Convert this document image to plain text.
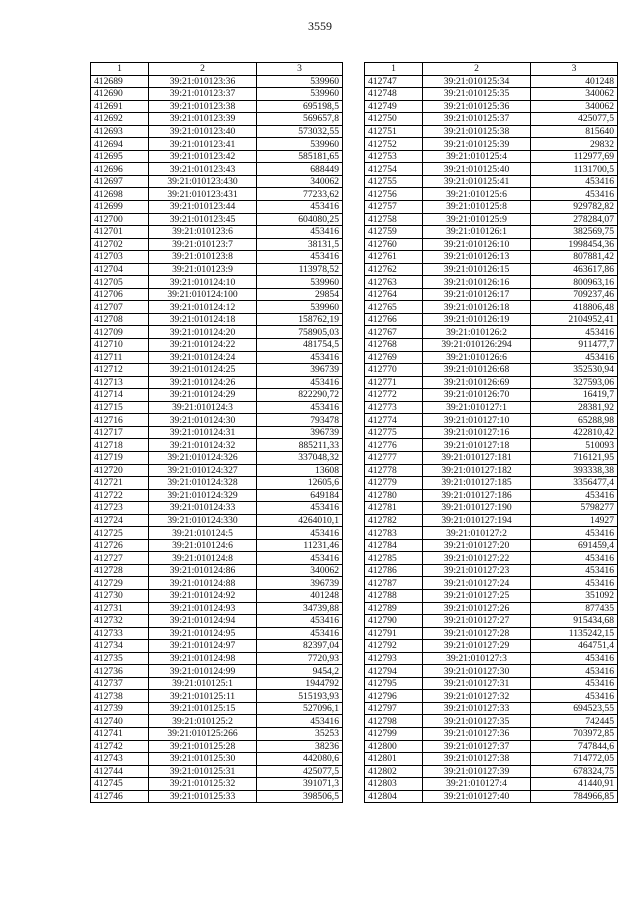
3559
1	2	3
412689	39:21:010123:36	539960
412690	39:21:010123:37	539960
412691	39:21:010123:38	695198,5
412692	39:21:010123:39	569657,8
412693	39:21:010123:40	573032,55
412694	39:21:010123:41	539960
412695	39:21:010123:42	585181,65
412696	39:21:010123:43	688449
412697	39:21:010123:430	340062
412698	39:21:010123:431	77233,62
412699	39:21:010123:44	453416
412700	39:21:010123:45	604080,25
412701	39:21:010123:6	453416
412702	39:21:010123:7	38131,5
412703	39:21:010123:8	453416
412704	39:21:010123:9	113978,52
412705	39:21:010124:10	539960
412706	39:21:010124:100	29854
412707	39:21:010124:12	539960
412708	39:21:010124:18	158762,19
412709	39:21:010124:20	758905,03
412710	39:21:010124:22	481754,5
412711	39:21:010124:24	453416
412712	39:21:010124:25	396739
412713	39:21:010124:26	453416
412714	39:21:010124:29	822290,72
412715	39:21:010124:3	453416
412716	39:21:010124:30	793478
412717	39:21:010124:31	396739
412718	39:21:010124:32	885211,33
412719	39:21:010124:326	337048,32
412720	39:21:010124:327	13608
412721	39:21:010124:328	12605,6
412722	39:21:010124:329	649184
412723	39:21:010124:33	453416
412724	39:21:010124:330	4264010,1
412725	39:21:010124:5	453416
412726	39:21:010124:6	11231,46
412727	39:21:010124:8	453416
412728	39:21:010124:86	340062
412729	39:21:010124:88	396739
412730	39:21:010124:92	401248
412731	39:21:010124:93	34739,88
412732	39:21:010124:94	453416
412733	39:21:010124:95	453416
412734	39:21:010124:97	82397,04
412735	39:21:010124:98	7720,93
412736	39:21:010124:99	9454,2
412737	39:21:010125:1	1944792
412738	39:21:010125:11	515193,93
412739	39:21:010125:15	527096,1
412740	39:21:010125:2	453416
412741	39:21:010125:266	35253
412742	39:21:010125:28	38236
412743	39:21:010125:30	442080,6
412744	39:21:010125:31	425077,5
412745	39:21:010125:32	391071,3
412746	39:21:010125:33	398506,5
1	2	3
412747	39:21:010125:34	401248
412748	39:21:010125:35	340062
412749	39:21:010125:36	340062
412750	39:21:010125:37	425077,5
412751	39:21:010125:38	815640
412752	39:21:010125:39	29832
412753	39:21:010125:4	112977,69
412754	39:21:010125:40	1131700,5
412755	39:21:010125:41	453416
412756	39:21:010125:6	453416
412757	39:21:010125:8	929782,82
412758	39:21:010125:9	278284,07
412759	39:21:010126:1	382569,75
412760	39:21:010126:10	1998454,36
412761	39:21:010126:13	807881,42
412762	39:21:010126:15	463617,86
412763	39:21:010126:16	800963,16
412764	39:21:010126:17	709237,46
412765	39:21:010126:18	418806,48
412766	39:21:010126:19	2104952,41
412767	39:21:010126:2	453416
412768	39:21:010126:294	911477,7
412769	39:21:010126:6	453416
412770	39:21:010126:68	352530,94
412771	39:21:010126:69	327593,06
412772	39:21:010126:70	16419,7
412773	39:21:010127:1	28381,92
412774	39:21:010127:10	65288,98
412775	39:21:010127:16	422810,42
412776	39:21:010127:18	510093
412777	39:21:010127:181	716121,95
412778	39:21:010127:182	393338,38
412779	39:21:010127:185	3356477,4
412780	39:21:010127:186	453416
412781	39:21:010127:190	5798277
412782	39:21:010127:194	14927
412783	39:21:010127:2	453416
412784	39:21:010127:20	691459,4
412785	39:21:010127:22	453416
412786	39:21:010127:23	453416
412787	39:21:010127:24	453416
412788	39:21:010127:25	351092
412789	39:21:010127:26	877435
412790	39:21:010127:27	915434,68
412791	39:21:010127:28	1135242,15
412792	39:21:010127:29	464751,4
412793	39:21:010127:3	453416
412794	39:21:010127:30	453416
412795	39:21:010127:31	453416
412796	39:21:010127:32	453416
412797	39:21:010127:33	694523,55
412798	39:21:010127:35	742445
412799	39:21:010127:36	703972,85
412800	39:21:010127:37	747844,6
412801	39:21:010127:38	714772,05
412802	39:21:010127:39	678324,75
412803	39:21:010127:4	41440,91
412804	39:21:010127:40	784966,85
